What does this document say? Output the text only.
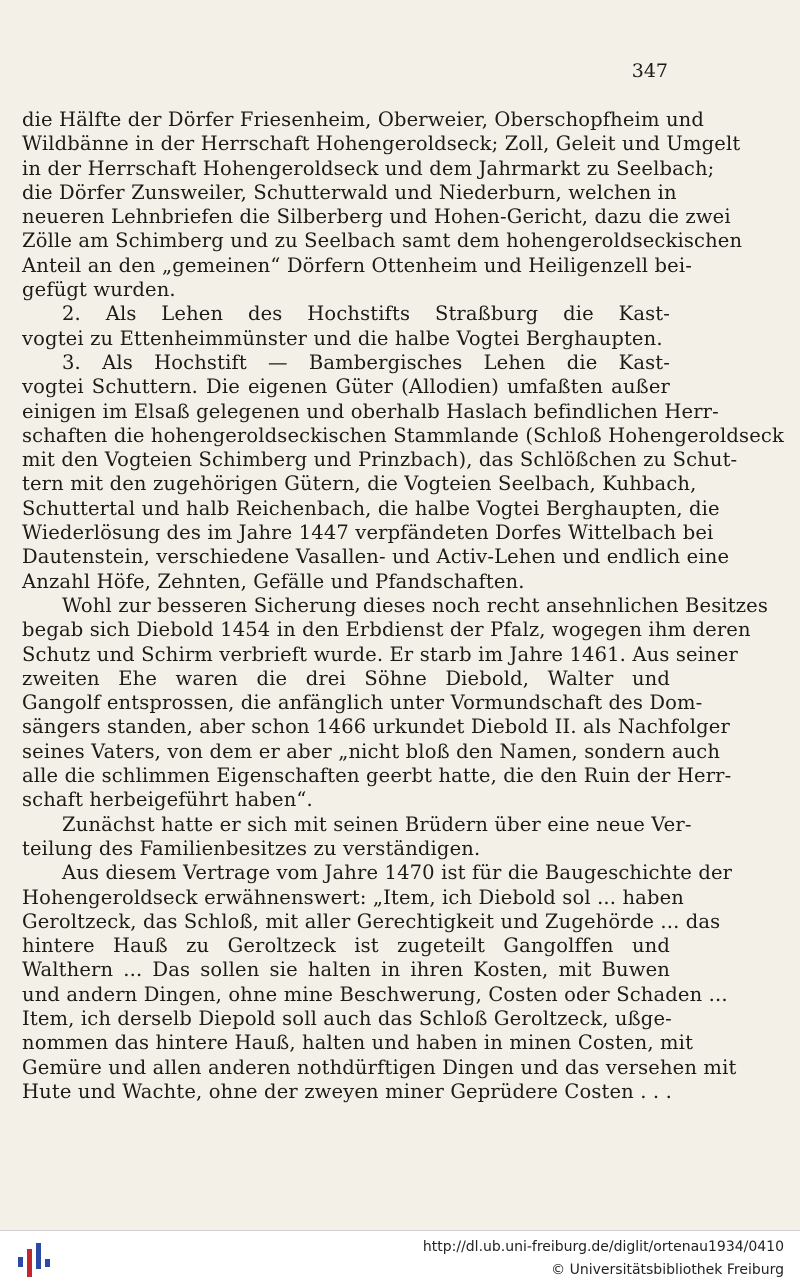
347
die Hälfte der Dörfer Friesenheim, Oberweier, Oberschopfheim und
Wildbänne in der Herrschaft Hohengeroldseck; Zoll, Geleit und Umgelt
in der Herrschaft Hohengeroldseck und dem Jahrmarkt zu Seelbach;
die Dörfer Zunsweiler, Schutterwald und Niederburn, welchen in
neueren Lehnbriefen die Silberberg und Hohen-Gericht, dazu die zwei
Zölle am Schimberg und zu Seelbach samt dem hohengeroldseckischen
Anteil an den „gemeinen“ Dörfern Ottenheim und Heiligenzell bei-
gefügt wurden.
2. Als Lehen des Hochstifts Straßburg die Kast-
vogtei zu Ettenheimmünster und die halbe Vogtei Berghaupten.
3. Als Hochstift — Bambergisches Lehen die Kast-
vogtei Schuttern. Die eigenen Güter (Allodien) umfaßten außer
einigen im Elsaß gelegenen und oberhalb Haslach befindlichen Herr-
schaften die hohengeroldseckischen Stammlande (Schloß Hohengeroldseck
mit den Vogteien Schimberg und Prinzbach), das Schlößchen zu Schut-
tern mit den zugehörigen Gütern, die Vogteien Seelbach, Kuhbach,
Schuttertal und halb Reichenbach, die halbe Vogtei Berghaupten, die
Wiederlösung des im Jahre 1447 verpfändeten Dorfes Wittelbach bei
Dautenstein, verschiedene Vasallen- und Activ-Lehen und endlich eine
Anzahl Höfe, Zehnten, Gefälle und Pfandschaften.
Wohl zur besseren Sicherung dieses noch recht ansehnlichen Besitzes
begab sich Diebold 1454 in den Erbdienst der Pfalz, wogegen ihm deren
Schutz und Schirm verbrieft wurde. Er starb im Jahre 1461. Aus seiner
zweiten Ehe waren die drei Söhne Diebold, Walter und
Gangolf entsprossen, die anfänglich unter Vormundschaft des Dom-
sängers standen, aber schon 1466 urkundet Diebold II. als Nachfolger
seines Vaters, von dem er aber „nicht bloß den Namen, sondern auch
alle die schlimmen Eigenschaften geerbt hatte, die den Ruin der Herr-
schaft herbeigeführt haben“.
Zunächst hatte er sich mit seinen Brüdern über eine neue Ver-
teilung des Familienbesitzes zu verständigen.
Aus diesem Vertrage vom Jahre 1470 ist für die Baugeschichte der
Hohengeroldseck erwähnenswert: „Item, ich Diebold sol ... haben
Geroltzeck, das Schloß, mit aller Gerechtigkeit und Zugehörde ... das
hintere Hauß zu Geroltzeck ist zugeteilt Gangolffen und
Walthern ... Das sollen sie halten in ihren Kosten, mit Buwen
und andern Dingen, ohne mine Beschwerung, Costen oder Schaden ...
Item, ich derselb Diepold soll auch das Schloß Geroltzeck, ußge-
nommen das hintere Hauß, halten und haben in minen Costen, mit
Gemüre und allen anderen nothdürftigen Dingen und das versehen mit
Hute und Wachte, ohne der zweyen miner Geprüdere Costen . . .
http://dl.ub.uni-freiburg.de/diglit/ortenau1934/0410
© Universitätsbibliothek Freiburg
